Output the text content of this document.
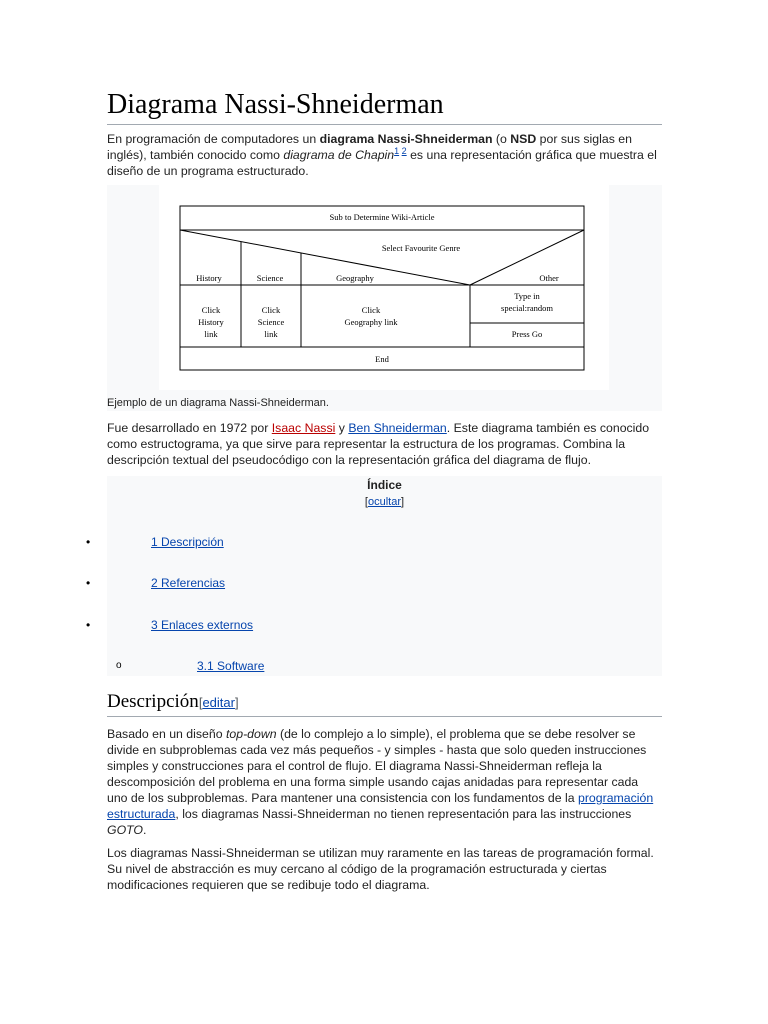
Diagrama Nassi-Shneiderman

En programación de computadores un diagrama Nassi-Shneiderman (o NSD por sus siglas en inglés), también conocido como diagrama de Chapin$^{1 2}$ es una representación gráfica que muestra el diseño de un programa estructurado.

Sub to Determine Wiki-Article
Select Favourite Genre
History	Science	Geography	Other
Click
History
link
Click
Science
link
Click
Geography link
Type in
special:random
Press Go
End
Ejemplo de un diagrama Nassi-Shneiderman.

Fue desarrollado en 1972 por Isaac Nassi y Ben Shneiderman. Este diagrama también es conocido como estructograma, ya que sirve para representar la estructura de los programas. Combina la descripción textual del pseudocódigo con la representación gráfica del diagrama de flujo.

Índice
[ocultar]
•	1 Descripción
•	2 Referencias
•	3 Enlaces externos
o	3.1 Software
Descripción[editar]

Basado en un diseño top-down (de lo complejo a lo simple), el problema que se debe resolver se divide en subproblemas cada vez más pequeños - y simples - hasta que solo queden instrucciones simples y construcciones para el control de flujo. El diagrama Nassi-Shneiderman refleja la descomposición del problema en una forma simple usando cajas anidadas para representar cada uno de los subproblemas. Para mantener una consistencia con los fundamentos de la programación estructurada, los diagramas Nassi-Shneiderman no tienen representación para las instrucciones GOTO.

Los diagramas Nassi-Shneiderman se utilizan muy raramente en las tareas de programación formal. Su nivel de abstracción es muy cercano al código de la programación estructurada y ciertas modificaciones requieren que se redibuje todo el diagrama.
